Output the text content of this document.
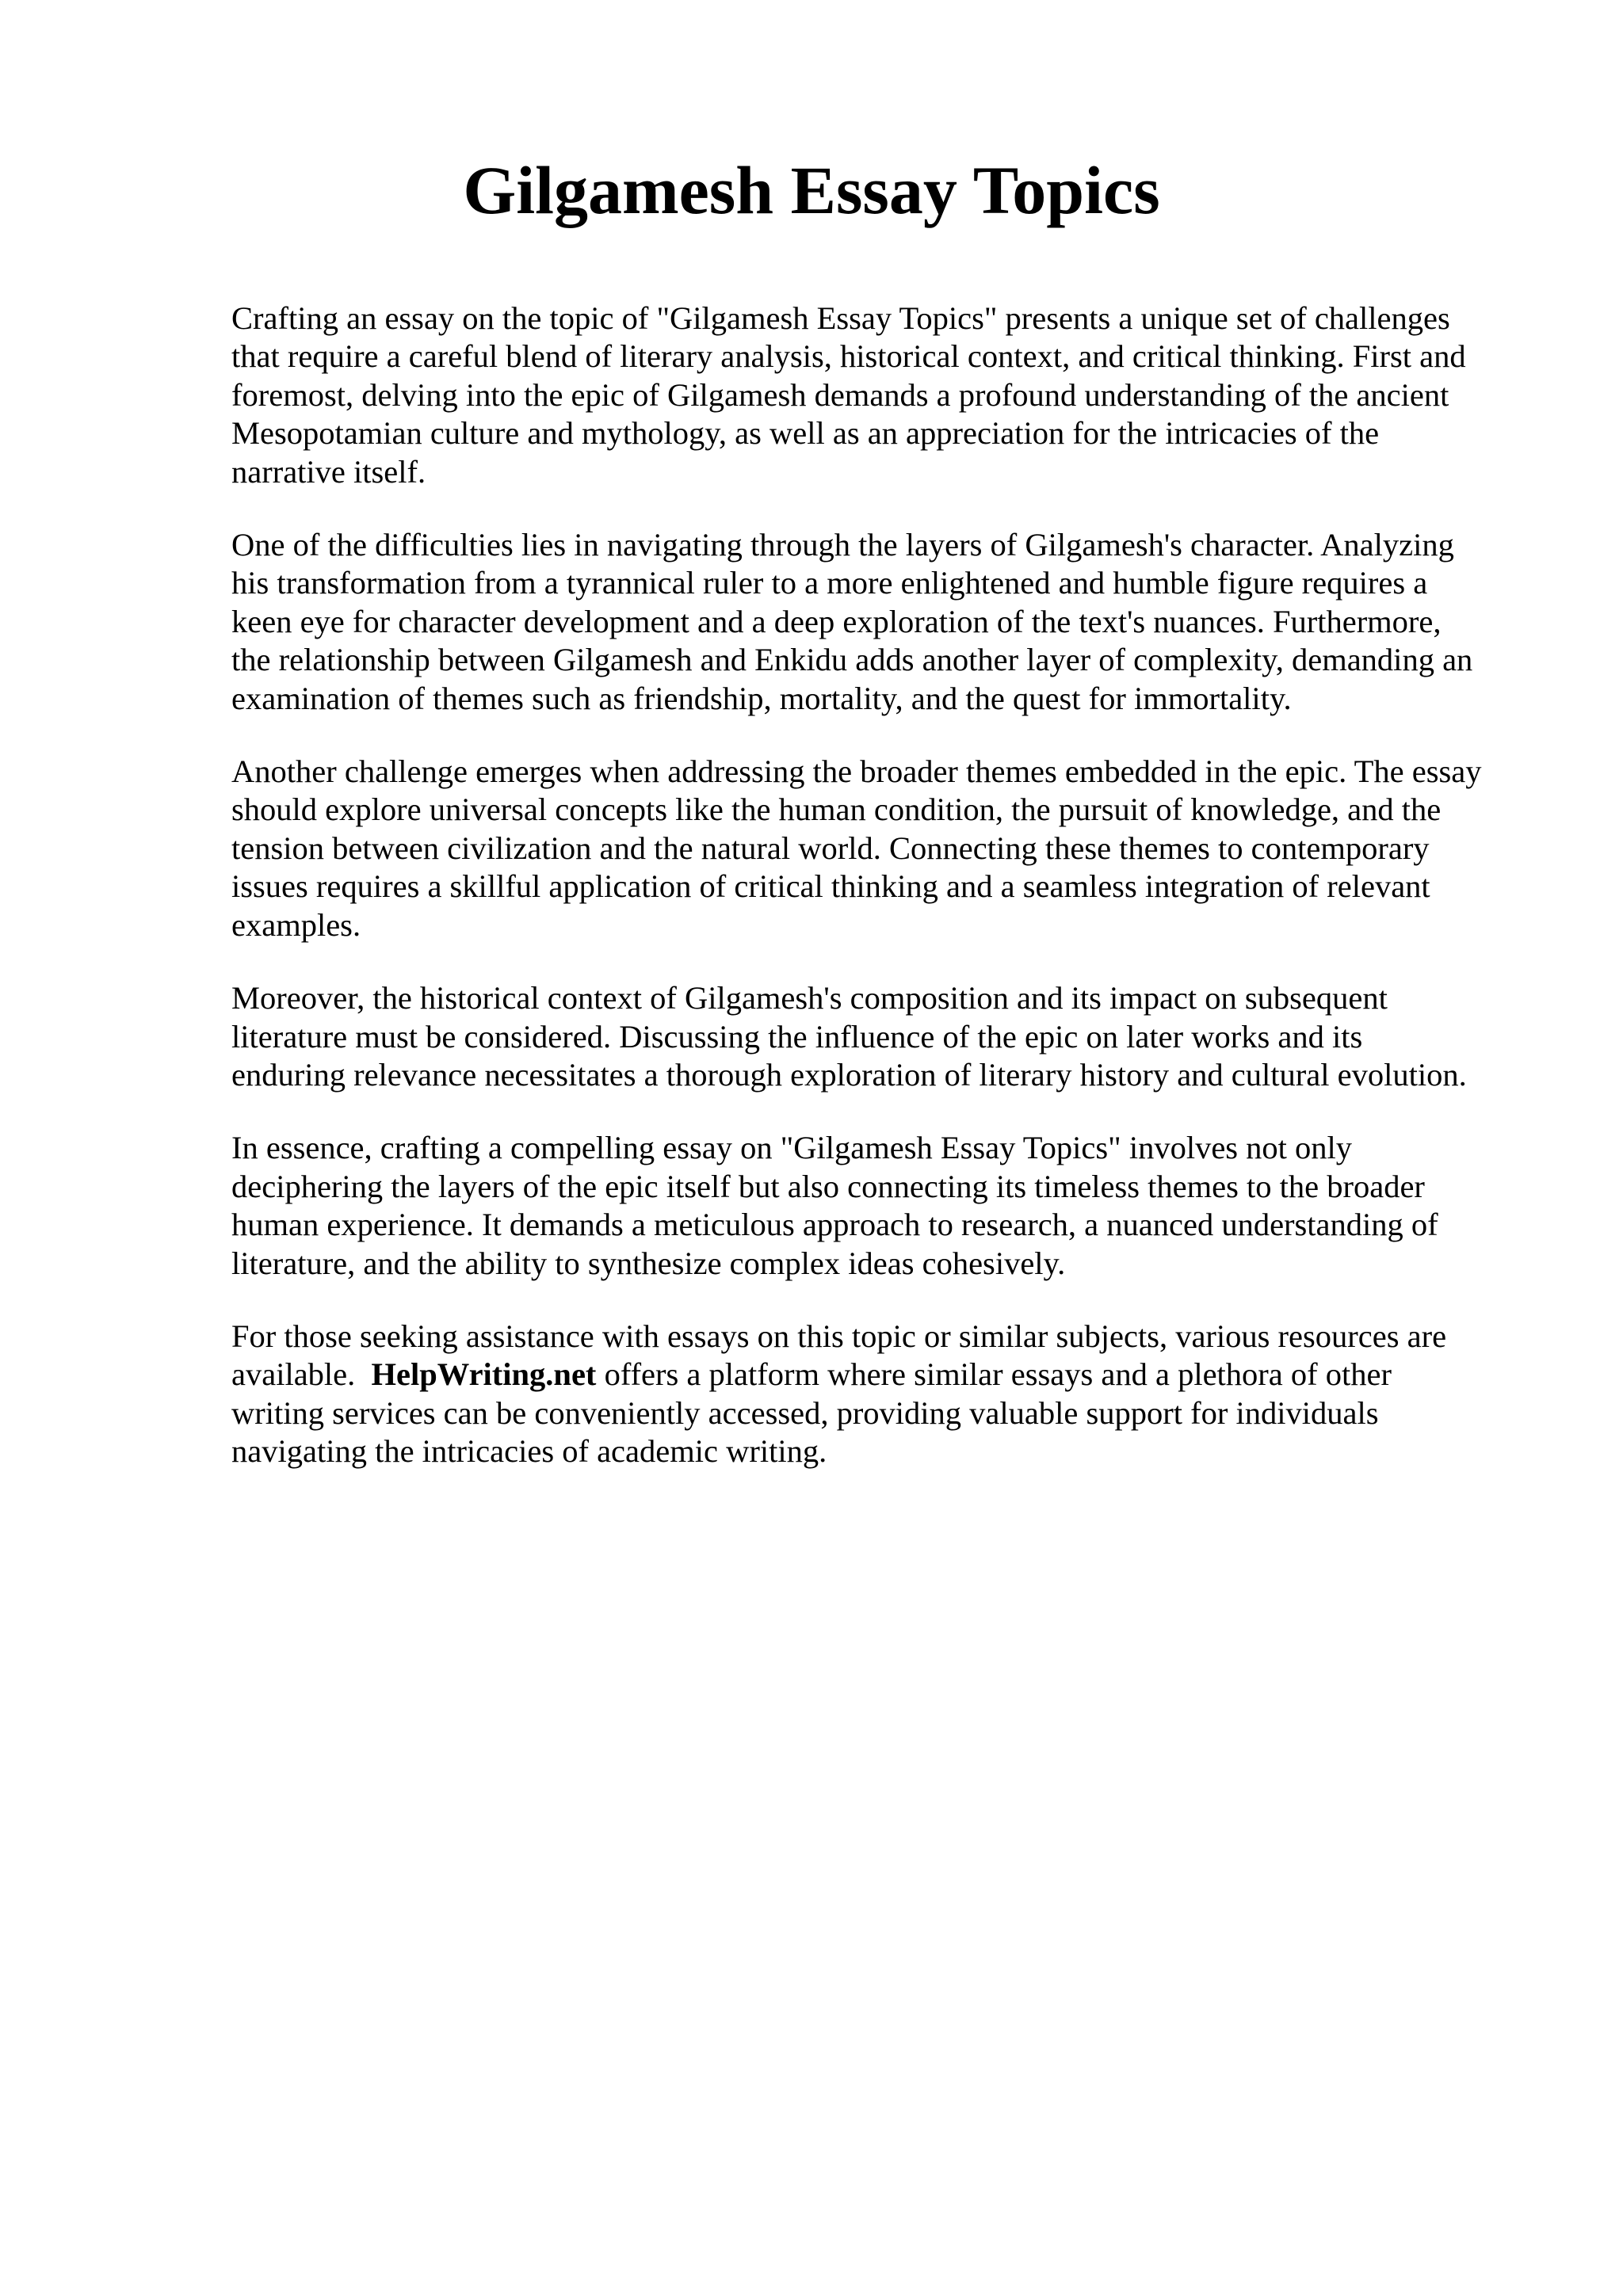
Gilgamesh Essay Topics

Crafting an essay on the topic of "Gilgamesh Essay Topics" presents a unique set of challenges
that require a careful blend of literary analysis, historical context, and critical thinking. First and
foremost, delving into the epic of Gilgamesh demands a profound understanding of the ancient
Mesopotamian culture and mythology, as well as an appreciation for the intricacies of the
narrative itself.

One of the difficulties lies in navigating through the layers of Gilgamesh's character. Analyzing
his transformation from a tyrannical ruler to a more enlightened and humble figure requires a
keen eye for character development and a deep exploration of the text's nuances. Furthermore,
the relationship between Gilgamesh and Enkidu adds another layer of complexity, demanding an
examination of themes such as friendship, mortality, and the quest for immortality.

Another challenge emerges when addressing the broader themes embedded in the epic. The essay
should explore universal concepts like the human condition, the pursuit of knowledge, and the
tension between civilization and the natural world. Connecting these themes to contemporary
issues requires a skillful application of critical thinking and a seamless integration of relevant
examples.

Moreover, the historical context of Gilgamesh's composition and its impact on subsequent
literature must be considered. Discussing the influence of the epic on later works and its
enduring relevance necessitates a thorough exploration of literary history and cultural evolution.

In essence, crafting a compelling essay on "Gilgamesh Essay Topics" involves not only
deciphering the layers of the epic itself but also connecting its timeless themes to the broader
human experience. It demands a meticulous approach to research, a nuanced understanding of
literature, and the ability to synthesize complex ideas cohesively.

For those seeking assistance with essays on this topic or similar subjects, various resources are
available. HelpWriting.net offers a platform where similar essays and a plethora of other
writing services can be conveniently accessed, providing valuable support for individuals
navigating the intricacies of academic writing.
